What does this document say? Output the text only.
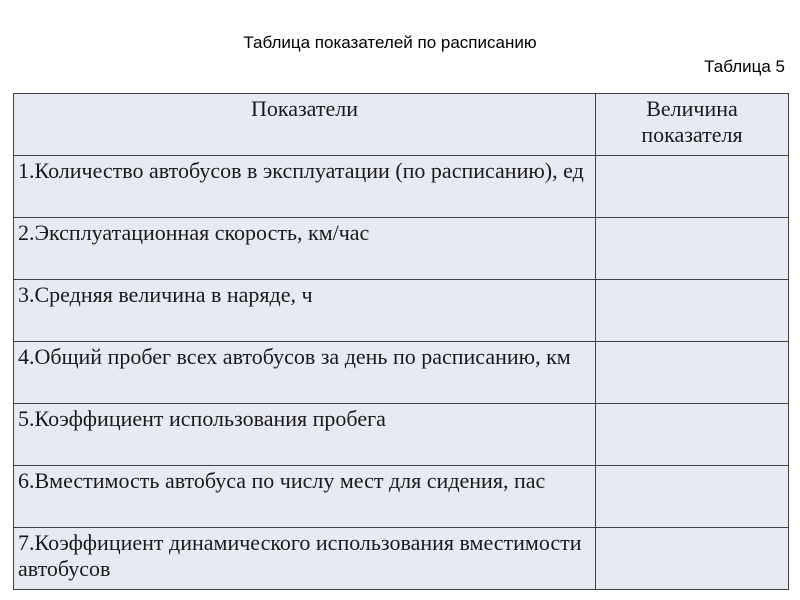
Таблица показателей по расписанию
Таблица 5
Показатели	Величина показателя
1.Количество автобусов в эксплуатации (по расписанию), ед	
2.Эксплуатационная скорость, км/час	
3.Средняя величина в наряде, ч	
4.Общий пробег всех автобусов за день по расписанию, км	
5.Коэффициент использования пробега	
6.Вместимость автобуса по числу мест для сидения, пас	
7.Коэффициент динамического использования вместимости автобусов	
